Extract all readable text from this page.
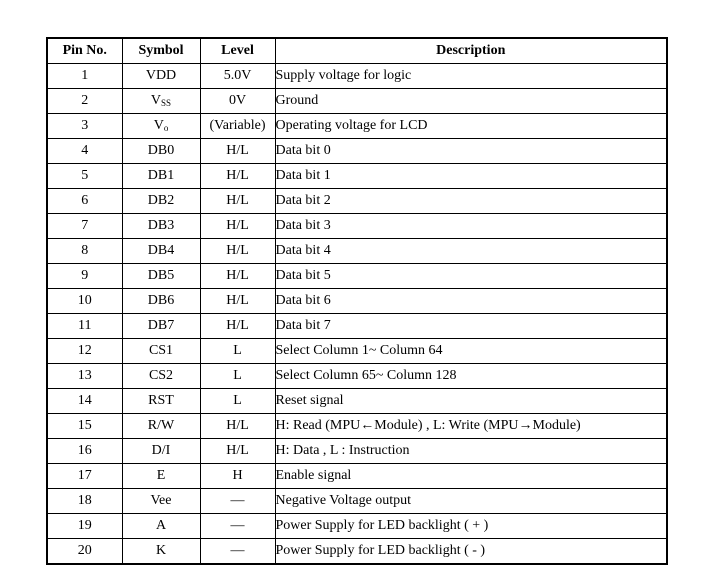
Pin No.	Symbol	Level	Description
1	VDD	5.0V	Supply voltage for logic
2	$V_{SS}$	0V	Ground
3	$V_o$	(Variable)	Operating voltage for LCD
4	DB0	H/L	Data bit 0
5	DB1	H/L	Data bit 1
6	DB2	H/L	Data bit 2
7	DB3	H/L	Data bit 3
8	DB4	H/L	Data bit 4
9	DB5	H/L	Data bit 5
10	DB6	H/L	Data bit 6
11	DB7	H/L	Data bit 7
12	CS1	L	Select Column 1~ Column 64
13	CS2	L	Select Column 65~ Column 128
14	RST	L	Reset signal
15	R/W	H/L	H: Read (MPU←Module) , L: Write (MPU→Module)
16	D/I	H/L	H: Data , L : Instruction
17	E	H	Enable signal
18	Vee	—	Negative Voltage output
19	A	—	Power Supply for LED backlight ( + )
20	K	—	Power Supply for LED backlight ( - )
